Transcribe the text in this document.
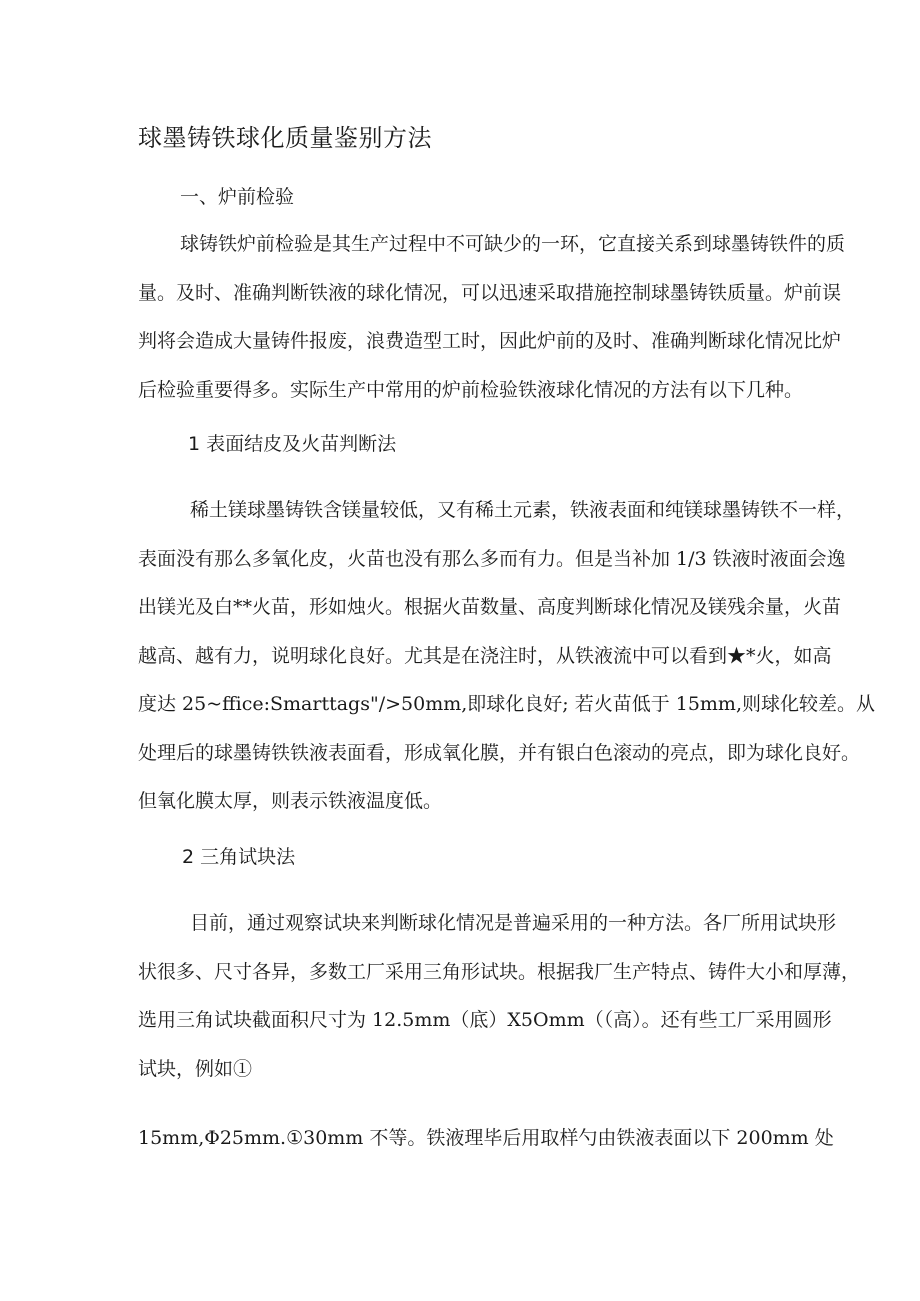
球墨铸铁球化质量鉴别方法
一、炉前检验
球铸铁炉前检验是其生产过程中不可缺少的一环，它直接关系到球墨铸铁件的质
量。及时、准确判断铁液的球化情况，可以迅速采取措施控制球墨铸铁质量。炉前误
判将会造成大量铸件报废，浪费造型工时，因此炉前的及时、准确判断球化情况比炉
后检验重要得多。实际生产中常用的炉前检验铁液球化情况的方法有以下几种。
1 表面结皮及火苗判断法
稀土镁球墨铸铁含镁量较低，又有稀土元素，铁液表面和纯镁球墨铸铁不一样，
表面没有那么多氧化皮，火苗也没有那么多而有力。但是当补加 1/3 铁液时液面会逸
出镁光及白**火苗，形如烛火。根据火苗数量、高度判断球化情况及镁残余量，火苗
越高、越有力，说明球化良好。尤其是在浇注时，从铁液流中可以看到★*火，如高
度达 25~ffice:Smarttags"/>50mm,即球化良好; 若火苗低于 15mm,则球化较差。从
处理后的球墨铸铁铁液表面看，形成氧化膜，并有银白色滚动的亮点，即为球化良好。
但氧化膜太厚，则表示铁液温度低。
2 三角试块法
目前，通过观察试块来判断球化情况是普遍采用的一种方法。各厂所用试块形
状很多、尺寸各异，多数工厂采用三角形试块。根据我厂生产特点、铸件大小和厚薄，
选用三角试块截面积尺寸为 12.5mm（底）X5Omm（（高）。还有些工厂采用圆形
试块，例如①
15mm,Φ25mm.①30mm 不等。铁液理毕后用取样勺由铁液表面以下 200mm 处
